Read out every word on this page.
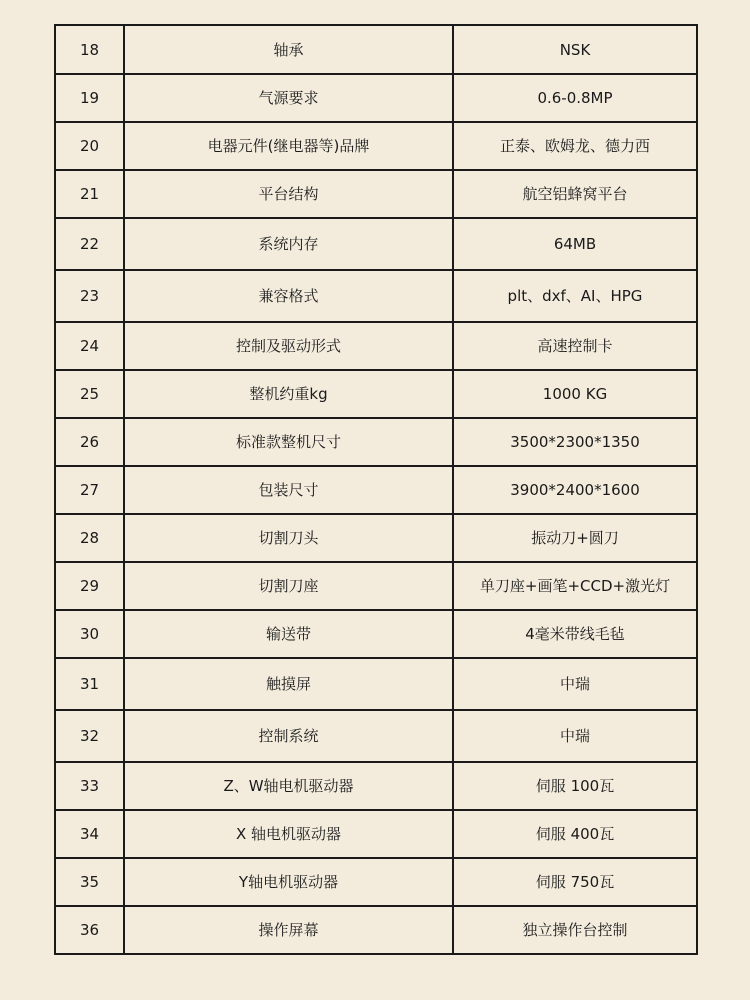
18	轴承	NSK
19	气源要求	0.6-0.8MP
20	电器元件(继电器等)品牌	正泰、欧姆龙、德力西
21	平台结构	航空铝蜂窝平台
22	系统内存	64MB
23	兼容格式	plt、dxf、AI、HPG
24	控制及驱动形式	高速控制卡
25	整机约重kg	1000 KG
26	标准款整机尺寸	3500*2300*1350
27	包装尺寸	3900*2400*1600
28	切割刀头	振动刀+圆刀
29	切割刀座	单刀座+画笔+CCD+激光灯
30	输送带	4毫米带线毛毡
31	触摸屏	中瑞
32	控制系统	中瑞
33	Z、W轴电机驱动器	伺服 100瓦
34	X 轴电机驱动器	伺服 400瓦
35	Y轴电机驱动器	伺服 750瓦
36	操作屏幕	独立操作台控制
